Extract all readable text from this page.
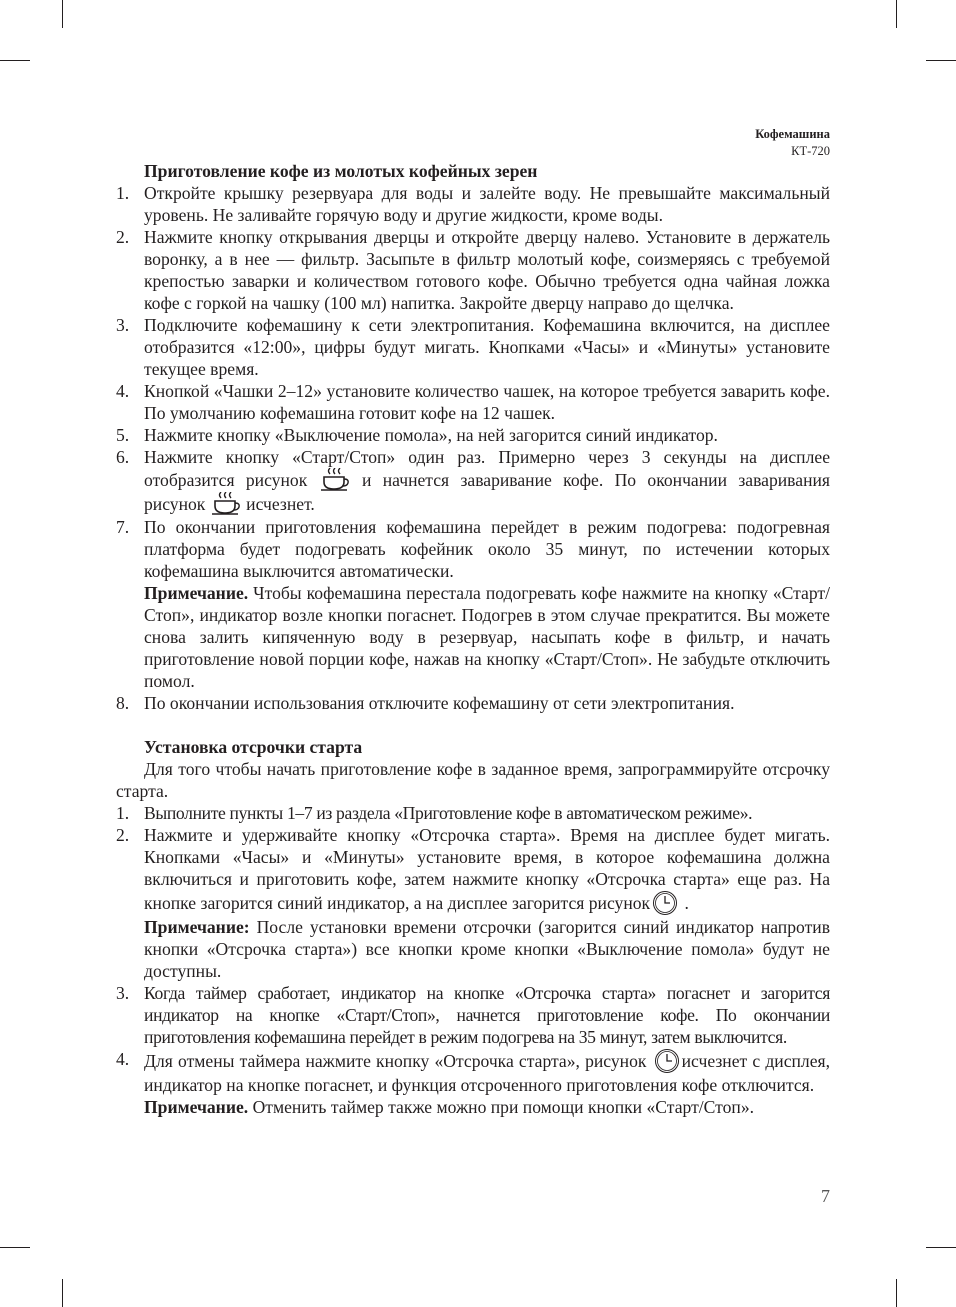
Кофемашина
КТ-720

Приготовление кофе из молотых кофейных зерен

1. Откройте крышку резервуара для воды и залейте воду. Не превышайте максимальный уровень. Не заливайте горячую воду и другие жидкости, кроме воды.

2. Нажмите кнопку открывания дверцы и откройте дверцу налево. Установите в держатель воронку, а в нее — фильтр. Засыпьте в фильтр молотый кофе, соизмеряясь с требуемой крепостью заварки и количеством готового кофе. Обычно требуется одна чайная ложка кофе с горкой на чашку (100 мл) напитка. Закройте дверцу направо до щелчка.

3. Подключите кофемашину к сети электропитания. Кофемашина включится, на дисплее отобразится «12:00», цифры будут мигать. Кнопками «Часы» и «Минуты» установите текущее время.

4. Кнопкой «Чашки 2–12» установите количество чашек, на которое требуется заварить кофе. По умолчанию кофемашина готовит кофе на 12 чашек.

5. Нажмите кнопку «Выключение помола», на ней загорится синий индикатор.

6. Нажмите кнопку «Старт/Стоп» один раз. Примерно через 3 секунды на дисплее отобразится рисунок  и начнется заваривание кофе. По окончании заваривания рисунок  исчезнет.

7. По окончании приготовления кофемашина перейдет в режим подогрева: подогревная платформа будет подогревать кофейник около 35 минут, по истечении которых кофемашина выключится автоматически.

Примечание. Чтобы кофемашина перестала подогревать кофе нажмите на кнопку «Старт/Стоп», индикатор возле кнопки погаснет. Подогрев в этом случае прекратится. Вы можете снова залить кипяченную воду в резервуар, насыпать кофе в фильтр, и начать приготовление новой порции кофе, нажав на кнопку «Старт/Стоп». Не забудьте отключить помол.

8. По окончании использования отключите кофемашину от сети электропитания.

Установка отсрочки старта

Для того чтобы начать приготовление кофе в заданное время, запрограммируйте отсрочку старта.

1. Выполните пункты 1–7 из раздела «Приготовление кофе в автоматическом режиме».

2. Нажмите и удерживайте кнопку «Отсрочка старта». Время на дисплее будет мигать. Кнопками «Часы» и «Минуты» установите время, в которое кофемашина должна включиться и приготовить кофе, затем нажмите кнопку «Отсрочка старта» еще раз. На кнопке загорится синий индикатор, а на дисплее загорится рисунок .

Примечание: После установки времени отсрочки (загорится синий индикатор напротив кнопки «Отсрочка старта») все кнопки кроме кнопки «Выключение помола» будут не доступны.

3. Когда таймер сработает, индикатор на кнопке «Отсрочка старта» погаснет и загорится индикатор на кнопке «Старт/Стоп», начнется приготовление кофе. По окончании приготовления кофемашина перейдет в режим подогрева на 35 минут, затем выключится.

4. Для отмены таймера нажмите кнопку «Отсрочка старта», рисунок исчезнет с дисплея, индикатор на кнопке погаснет, и функция отсроченного приготовления кофе отключится.

Примечание. Отменить таймер также можно при помощи кнопки «Старт/Стоп».

7
